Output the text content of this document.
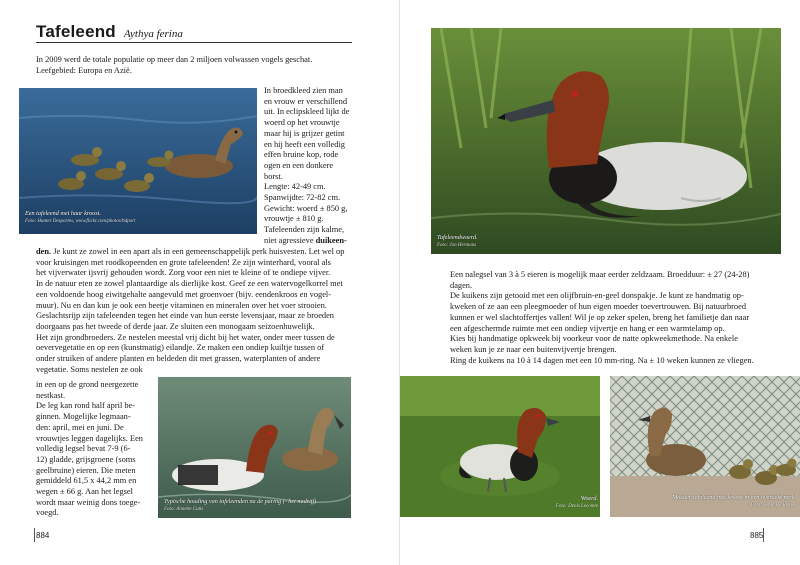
Tafeleend Aythya ferina

In 2009 werd de totale populatie op meer dan 2 miljoen volwassen vogels geschat.
Leefgebied: Europa en Azië.

Een tafeleend met haar kroost.
Foto: Hunter Desportes, www.flickr.com/photos/hdport

In broedkleed zien man
en vrouw er verschillend
uit. In eclipskleed lijkt de
woerd op het vrouwtje
maar hij is grijzer getint
en hij heeft een volledig
effen bruine kop, rode
ogen en een donkere
borst.
Lengte: 42-49 cm.
Spanwijdte: 72-82 cm.
Gewicht: woerd ± 850 g,
vrouwtje ± 810 g.
Tafeleenden zijn kalme,
niet agressieve duikeen-

den. Je kunt ze zowel in een apart als in een gemeenschappelijk perk huisvesten. Let wel op
voor kruisingen met roodkopeenden en grote tafeleenden! Ze zijn winterhard, vooral als
het vijverwater ijsvrij gehouden wordt. Zorg voor een niet te kleine of te ondiepe vijver.
In de natuur eten ze zowel plantaardige als dierlijke kost. Geef ze een watervogelkorrel met
een voldoende hoog eiwitgehalte aangevuld met groenvoer (bijv. eendenkroos en vogel-
muur). Nu en dan kun je ook een beetje vitaminen en mineralen over het voer strooien.
Geslachtsrijp zijn tafeleenden tegen het einde van hun eerste levensjaar, maar ze broeden
doorgaans pas het tweede of derde jaar. Ze sluiten een monogaam seizoenhuwelijk.
Het zijn grondbroeders. Ze nestelen meestal vrij dicht bij het water, onder meer tussen de
oevervegetatie en op een (kunstmatig) eilandje. Ze maken een ondiep kuiltje tussen of
onder struiken of andere planten en beldeden dit met grassen, waterplanten of andere
vegetatie. Soms nestelen ze ook

in een op de grond neergezette
nestkast.
De leg kan rond half april be-
ginnen. Mogelijke legmaan-
den: april, mei en juni. De
vrouwtjes leggen dagelijks. Een
volledig legsel bevat 7-9 (6-
12) gladde, grijsgroene (soms
geelbruine) eieren. Die meten
gemiddeld 61,5 x 44,2 mm en
wegen ± 66 g. Aan het legsel
wordt maar weinig dons toege-
voegd.

Typische houding van tafeleenden na de paring (- het nadrijf).
Foto: Annette Cutts
884
Tafeleendwoerd.
Foto: Jon Hermans

Een nalegsel van 3 à 5 eieren is mogelijk maar eerder zeldzaam. Broedduur: ± 27 (24-28)
dagen.
De kuikens zijn getooid met een olijfbruin-en-geel donspakje. Je kunt ze handmatig op-
kweken of ze aan een pleegmoeder of hun eigen moeder toevertrouwen. Bij natuurbroed
kunnen er wel slachtoffertjes vallen! Wil je op zeker spelen, breng het familietje dan naar
een afgeschermde ruimte met een ondiep vijvertje en hang er een warmtelamp op.
Kies bij handmatige opkweek bij voorkeur voor de natte opkweekmethode. Na enkele
weken kun je ze naar een buitenvijvertje brengen.
Ring de kuikens na 10 à 14 dagen met een 10 mm-ring. Na ± 10 weken kunnen ze vliegen.

Woerd.
Foto: Denis Lecomte
Moeder tafeleend met kroost in een overdekt perk.
Foto: Serge De Reuwe
885
